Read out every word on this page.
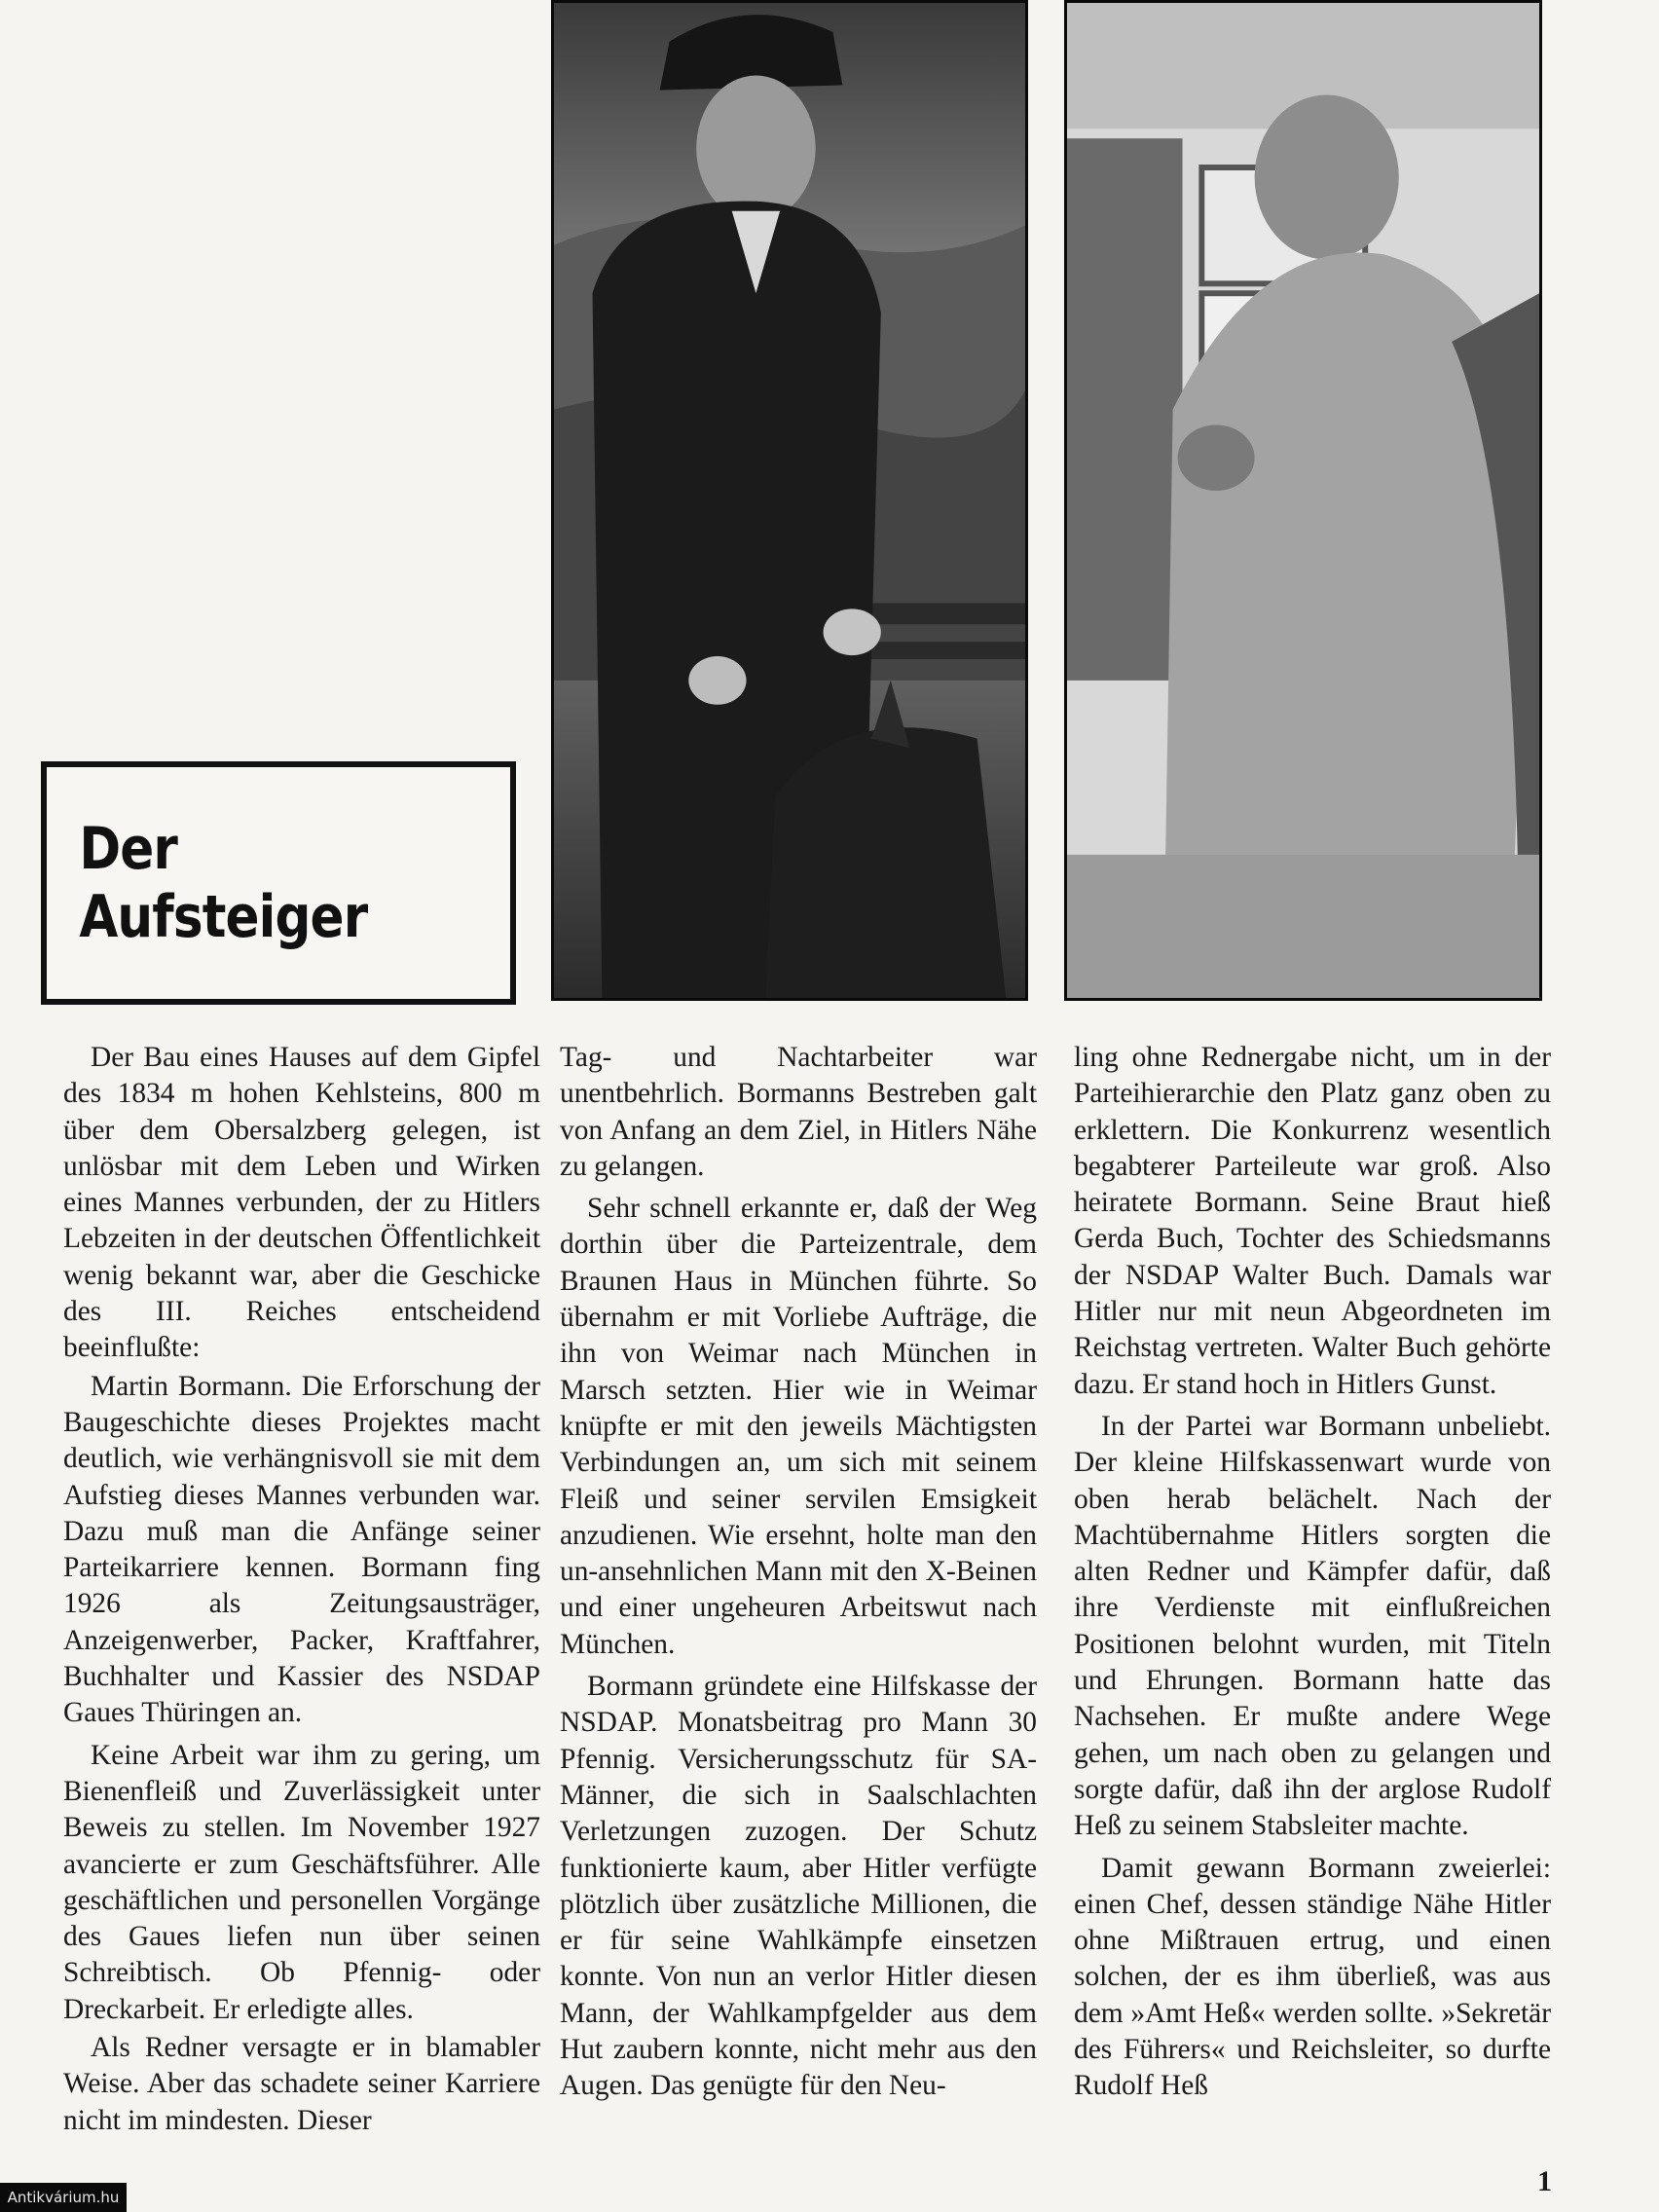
Der Aufsteiger

Der Bau eines Hauses auf dem Gipfel des 1834 m hohen Kehlsteins, 800 m über dem Obersalzberg gelegen, ist unlösbar mit dem Leben und Wirken eines Mannes verbunden, der zu Hitlers Lebzeiten in der deutschen Öffentlichkeit wenig bekannt war, aber die Geschicke des III. Reiches entscheidend beeinflußte:

Martin Bormann. Die Erforschung der Baugeschichte dieses Projektes macht deutlich, wie verhängnisvoll sie mit dem Aufstieg dieses Mannes verbunden war. Dazu muß man die Anfänge seiner Parteikarriere kennen. Bormann fing 1926 als Zeitungsausträger, Anzeigenwerber, Packer, Kraftfahrer, Buchhalter und Kassier des NSDAP Gaues Thüringen an.

Keine Arbeit war ihm zu gering, um Bienenfleiß und Zuverlässigkeit unter Beweis zu stellen. Im November 1927 avancierte er zum Geschäftsführer. Alle geschäftlichen und personellen Vorgänge des Gaues liefen nun über seinen Schreibtisch. Ob Pfennig- oder Dreckarbeit. Er erledigte alles.

Als Redner versagte er in blamabler Weise. Aber das schadete seiner Karriere nicht im mindesten. Dieser

Tag- und Nachtarbeiter war unentbehrlich. Bormanns Bestreben galt von Anfang an dem Ziel, in Hitlers Nähe zu gelangen.

Sehr schnell erkannte er, daß der Weg dorthin über die Parteizentrale, dem Braunen Haus in München führte. So übernahm er mit Vorliebe Aufträge, die ihn von Weimar nach München in Marsch setzten. Hier wie in Weimar knüpfte er mit den jeweils Mächtigsten Verbindungen an, um sich mit seinem Fleiß und seiner servilen Emsigkeit anzudienen. Wie ersehnt, holte man den un-ansehnlichen Mann mit den X-Beinen und einer ungeheuren Arbeitswut nach München.

Bormann gründete eine Hilfskasse der NSDAP. Monatsbeitrag pro Mann 30 Pfennig. Versicherungsschutz für SA-Männer, die sich in Saalschlachten Verletzungen zuzogen. Der Schutz funktionierte kaum, aber Hitler verfügte plötzlich über zusätzliche Millionen, die er für seine Wahlkämpfe einsetzen konnte. Von nun an verlor Hitler diesen Mann, der Wahlkampfgelder aus dem Hut zaubern konnte, nicht mehr aus den Augen. Das genügte für den Neu-

ling ohne Rednergabe nicht, um in der Parteihierarchie den Platz ganz oben zu erklettern. Die Konkurrenz wesentlich begabterer Parteileute war groß. Also heiratete Bormann. Seine Braut hieß Gerda Buch, Tochter des Schiedsmanns der NSDAP Walter Buch. Damals war Hitler nur mit neun Abgeordneten im Reichstag vertreten. Walter Buch gehörte dazu. Er stand hoch in Hitlers Gunst.

In der Partei war Bormann unbeliebt. Der kleine Hilfskassenwart wurde von oben herab belächelt. Nach der Machtübernahme Hitlers sorgten die alten Redner und Kämpfer dafür, daß ihre Verdienste mit einflußreichen Positionen belohnt wurden, mit Titeln und Ehrungen. Bormann hatte das Nachsehen. Er mußte andere Wege gehen, um nach oben zu gelangen und sorgte dafür, daß ihn der arglose Rudolf Heß zu seinem Stabsleiter machte.

Damit gewann Bormann zweierlei: einen Chef, dessen ständige Nähe Hitler ohne Mißtrauen ertrug, und einen solchen, der es ihm überließ, was aus dem »Amt Heß« werden sollte. »Sekretär des Führers« und Reichsleiter, so durfte Rudolf Heß

1
Antikvárium.hu
